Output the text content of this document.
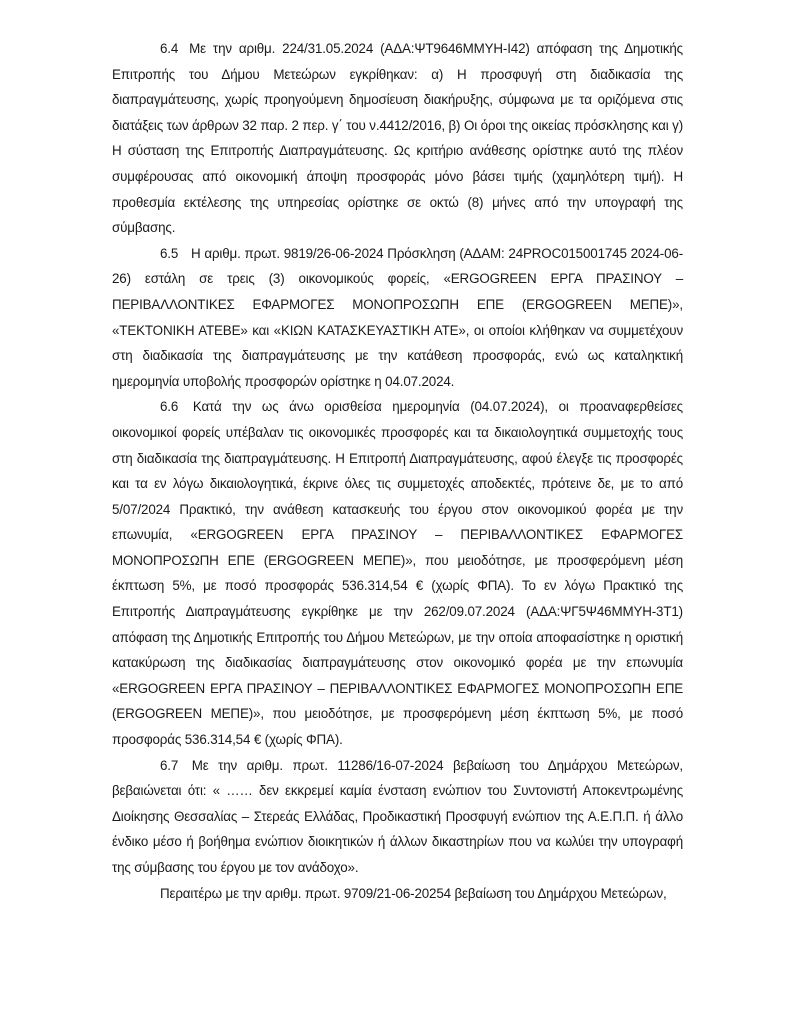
6.4 Με την αριθμ. 224/31.05.2024 (ΑΔΑ:ΨΤ9646ΜΜΥΗ-Ι42) απόφαση της Δημοτικής Επιτροπής του Δήμου Μετεώρων εγκρίθηκαν: α) Η προσφυγή στη διαδικασία της διαπραγμάτευσης, χωρίς προηγούμενη δημοσίευση διακήρυξης, σύμφωνα με τα οριζόμενα στις διατάξεις των άρθρων 32 παρ. 2 περ. γ΄ του ν.4412/2016, β) Οι όροι της οικείας πρόσκλησης και γ) Η σύσταση της Επιτροπής Διαπραγμάτευσης. Ως κριτήριο ανάθεσης ορίστηκε αυτό της πλέον συμφέρουσας από οικονομική άποψη προσφοράς μόνο βάσει τιμής (χαμηλότερη τιμή). Η προθεσμία εκτέλεσης της υπηρεσίας ορίστηκε σε οκτώ (8) μήνες από την υπογραφή της σύμβασης.

6.5 Η αριθμ. πρωτ. 9819/26-06-2024 Πρόσκληση (ΑΔΑΜ: 24PROC015001745 2024-06-26) εστάλη σε τρεις (3) οικονομικούς φορείς, «ERGOGREEN ΕΡΓΑ ΠΡΑΣΙΝΟΥ – ΠΕΡΙΒΑΛΛΟΝΤΙΚΕΣ ΕΦΑΡΜΟΓΕΣ ΜΟΝΟΠΡΟΣΩΠΗ ΕΠΕ (ERGOGREEN ΜΕΠΕ)», «ΤΕΚΤΟΝΙΚΗ ΑΤΕΒΕ» και «ΚΙΩΝ ΚΑΤΑΣΚΕΥΑΣΤΙΚΗ ΑΤΕ», οι οποίοι κλήθηκαν να συμμετέχουν στη διαδικασία της διαπραγμάτευσης με την κατάθεση προσφοράς, ενώ ως καταληκτική ημερομηνία υποβολής προσφορών ορίστηκε η 04.07.2024.

6.6 Κατά την ως άνω ορισθείσα ημερομηνία (04.07.2024), οι προαναφερθείσες οικονομικοί φορείς υπέβαλαν τις οικονομικές προσφορές και τα δικαιολογητικά συμμετοχής τους στη διαδικασία της διαπραγμάτευσης. Η Επιτροπή Διαπραγμάτευσης, αφού έλεγξε τις προσφορές και τα εν λόγω δικαιολογητικά, έκρινε όλες τις συμμετοχές αποδεκτές, πρότεινε δε, με το από 5/07/2024 Πρακτικό, την ανάθεση κατασκευής του έργου στον οικονομικού φορέα με την επωνυμία, «ERGOGREEN ΕΡΓΑ ΠΡΑΣΙΝΟΥ – ΠΕΡΙΒΑΛΛΟΝΤΙΚΕΣ ΕΦΑΡΜΟΓΕΣ ΜΟΝΟΠΡΟΣΩΠΗ ΕΠΕ (ERGOGREEN ΜΕΠΕ)», που μειοδότησε, με προσφερόμενη μέση έκπτωση 5%, με ποσό προσφοράς 536.314,54 € (χωρίς ΦΠΑ). Το εν λόγω Πρακτικό της Επιτροπής Διαπραγμάτευσης εγκρίθηκε με την 262/09.07.2024 (ΑΔΑ:ΨΓ5Ψ46ΜΜΥΗ-3Τ1) απόφαση της Δημοτικής Επιτροπής του Δήμου Μετεώρων, με την οποία αποφασίστηκε η οριστική κατακύρωση της διαδικασίας διαπραγμάτευσης στον οικονομικό φορέα με την επωνυμία «ERGOGREEN ΕΡΓΑ ΠΡΑΣΙΝΟΥ – ΠΕΡΙΒΑΛΛΟΝΤΙΚΕΣ ΕΦΑΡΜΟΓΕΣ ΜΟΝΟΠΡΟΣΩΠΗ ΕΠΕ (ERGOGREEN ΜΕΠΕ)», που μειοδότησε, με προσφερόμενη μέση έκπτωση 5%, με ποσό προσφοράς 536.314,54 € (χωρίς ΦΠΑ).

6.7 Με την αριθμ. πρωτ. 11286/16-07-2024 βεβαίωση του Δημάρχου Μετεώρων, βεβαιώνεται ότι: « …… δεν εκκρεμεί καμία ένσταση ενώπιον του Συντονιστή Αποκεντρωμένης Διοίκησης Θεσσαλίας – Στερεάς Ελλάδας, Προδικαστική Προσφυγή ενώπιον της Α.Ε.Π.Π. ή άλλο ένδικο μέσο ή βοήθημα ενώπιον διοικητικών ή άλλων δικαστηρίων που να κωλύει την υπογραφή της σύμβασης του έργου με τον ανάδοχο».

Περαιτέρω με την αριθμ. πρωτ. 9709/21-06-20254 βεβαίωση του Δημάρχου Μετεώρων,
